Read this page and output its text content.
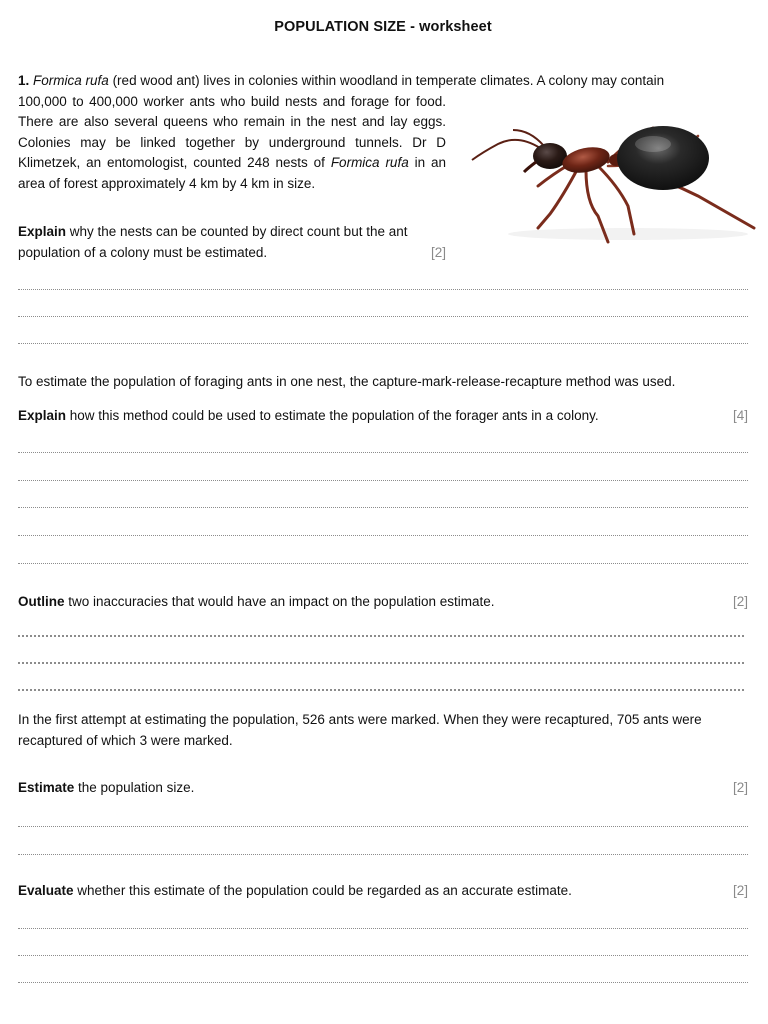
POPULATION SIZE - worksheet
1. Formica rufa (red wood ant) lives in colonies within woodland in temperate climates. A colony may contain
100,000 to 400,000 worker ants who build nests and forage for food. There are also several queens who remain in the nest and lay eggs. Colonies may be linked together by underground tunnels. Dr D Klimetzek, an entomologist, counted 248 nests of Formica rufa in an area of forest approximately 4 km by 4 km in size.
Explain why the nests can be counted by direct count but the ant population of a colony must be estimated.	[2]
To estimate the population of foraging ants in one nest, the capture-mark-release-recapture method was used.
Explain how this method could be used to estimate the population of the forager ants in a colony.	[4]
Outline two inaccuracies that would have an impact on the population estimate.	[2]
In the first attempt at estimating the population, 526 ants were marked. When they were recaptured, 705 ants were recaptured of which 3 were marked.
Estimate the population size.	[2]
Evaluate whether this estimate of the population could be regarded as an accurate estimate.	[2]
